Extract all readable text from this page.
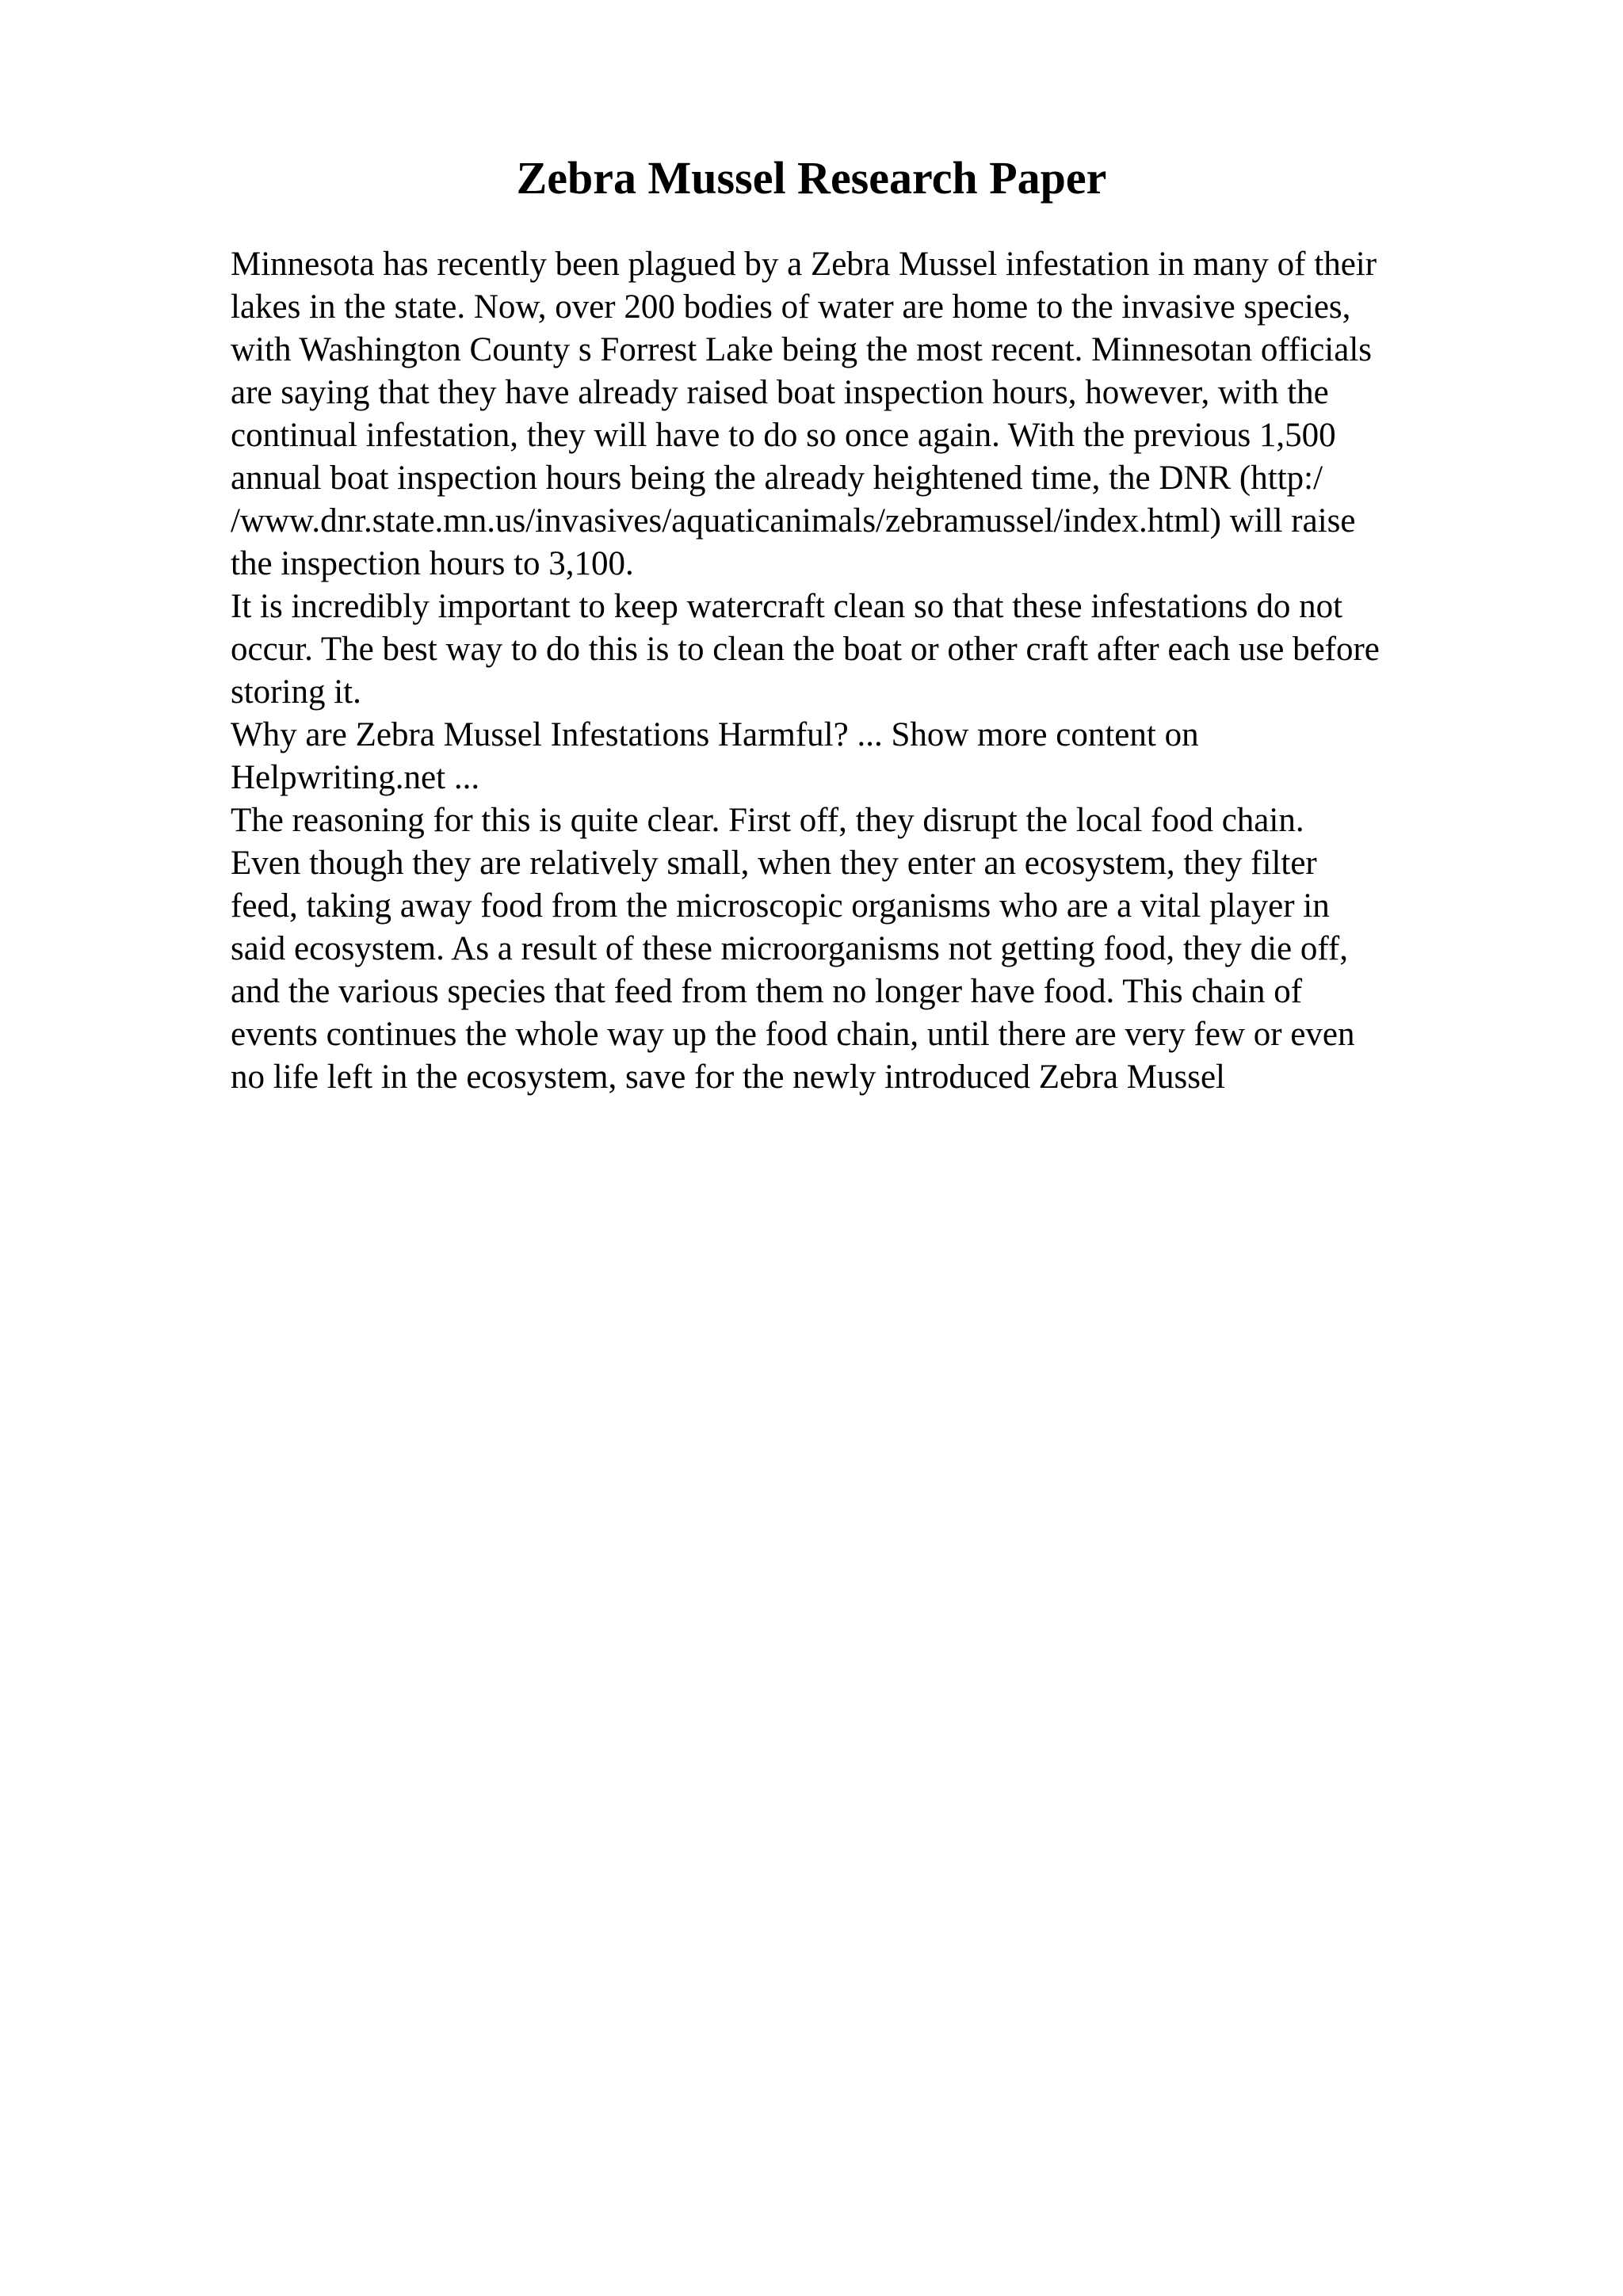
Zebra Mussel Research Paper

Minnesota has recently been plagued by a Zebra Mussel infestation in many of their
lakes in the state. Now, over 200 bodies of water are home to the invasive species,
with Washington County s Forrest Lake being the most recent. Minnesotan officials
are saying that they have already raised boat inspection hours, however, with the
continual infestation, they will have to do so once again. With the previous 1,500
annual boat inspection hours being the already heightened time, the DNR (http:/
/www.dnr.state.mn.us/invasives/aquaticanimals/zebramussel/index.html) will raise
the inspection hours to 3,100.

It is incredibly important to keep watercraft clean so that these infestations do not
occur. The best way to do this is to clean the boat or other craft after each use before
storing it.

Why are Zebra Mussel Infestations Harmful? ... Show more content on
Helpwriting.net ...

The reasoning for this is quite clear. First off, they disrupt the local food chain.
Even though they are relatively small, when they enter an ecosystem, they filter
feed, taking away food from the microscopic organisms who are a vital player in
said ecosystem. As a result of these microorganisms not getting food, they die off,
and the various species that feed from them no longer have food. This chain of
events continues the whole way up the food chain, until there are very few or even
no life left in the ecosystem, save for the newly introduced Zebra Mussel
